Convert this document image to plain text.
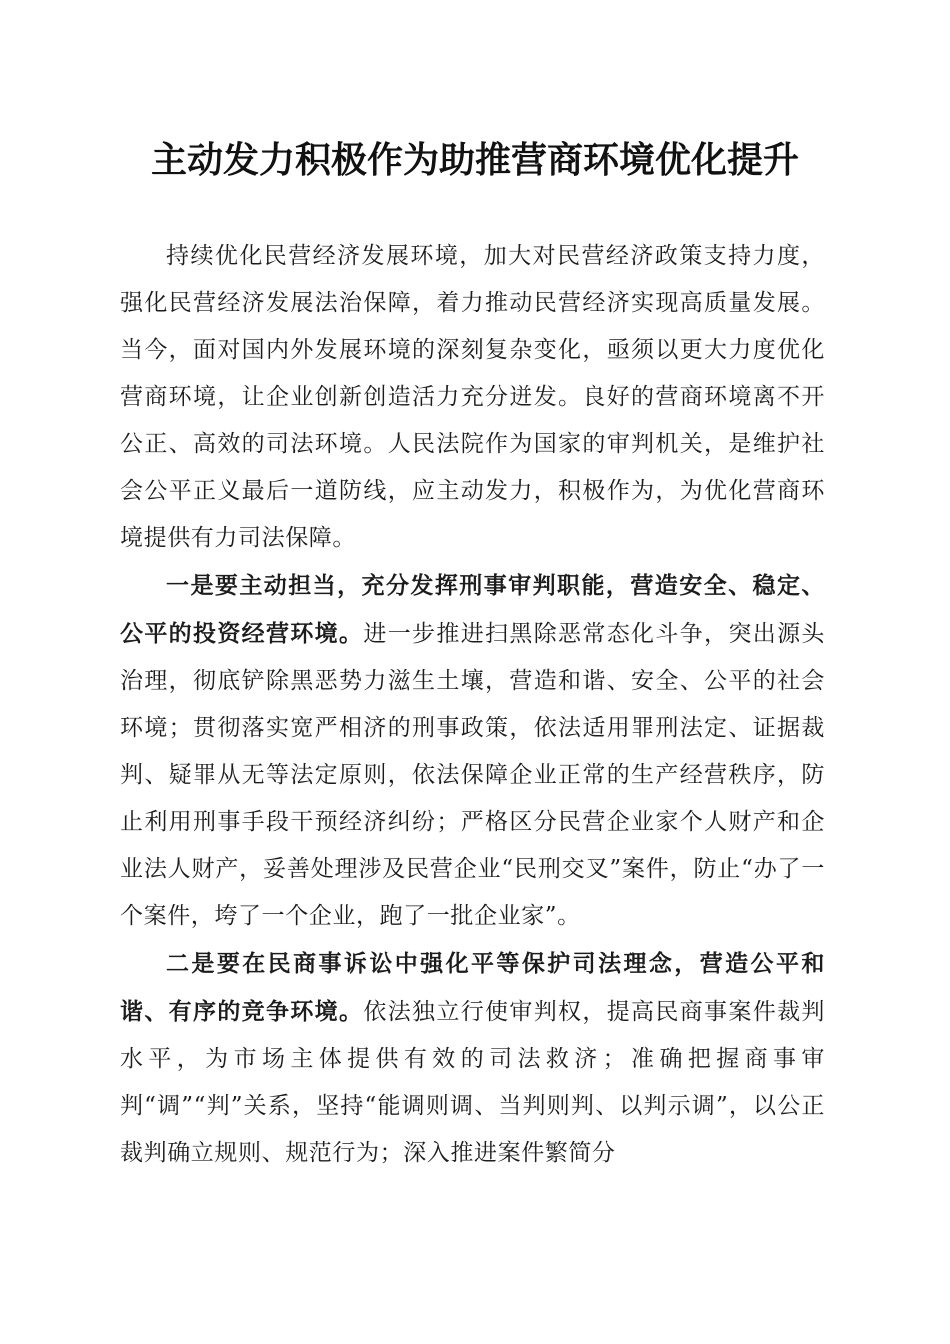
主动发力积极作为助推营商环境优化提升

持续优化民营经济发展环境，加大对民营经济政策支持力度，强化民营经济发展法治保障，着力推动民营经济实现高质量发展。当今，面对国内外发展环境的深刻复杂变化，亟须以更大力度优化营商环境，让企业创新创造活力充分迸发。良好的营商环境离不开公正、高效的司法环境。人民法院作为国家的审判机关，是维护社会公平正义最后一道防线，应主动发力，积极作为，为优化营商环境提供有力司法保障。

一是要主动担当，充分发挥刑事审判职能，营造安全、稳定、公平的投资经营环境。进一步推进扫黑除恶常态化斗争，突出源头治理，彻底铲除黑恶势力滋生土壤，营造和谐、安全、公平的社会环境；贯彻落实宽严相济的刑事政策，依法适用罪刑法定、证据裁判、疑罪从无等法定原则，依法保障企业正常的生产经营秩序，防止利用刑事手段干预经济纠纷；严格区分民营企业家个人财产和企业法人财产，妥善处理涉及民营企业“民刑交叉”案件，防止“办了一个案件，垮了一个企业，跑了一批企业家”。

二是要在民商事诉讼中强化平等保护司法理念，营造公平和谐、有序的竞争环境。依法独立行使审判权，提高民商事案件裁判水平，为市场主体提供有效的司法救济；准确把握商事审判“调”“判”关系，坚持“能调则调、当判则判、以判示调”，以公正裁判确立规则、规范行为；深入推进案件繁简分
